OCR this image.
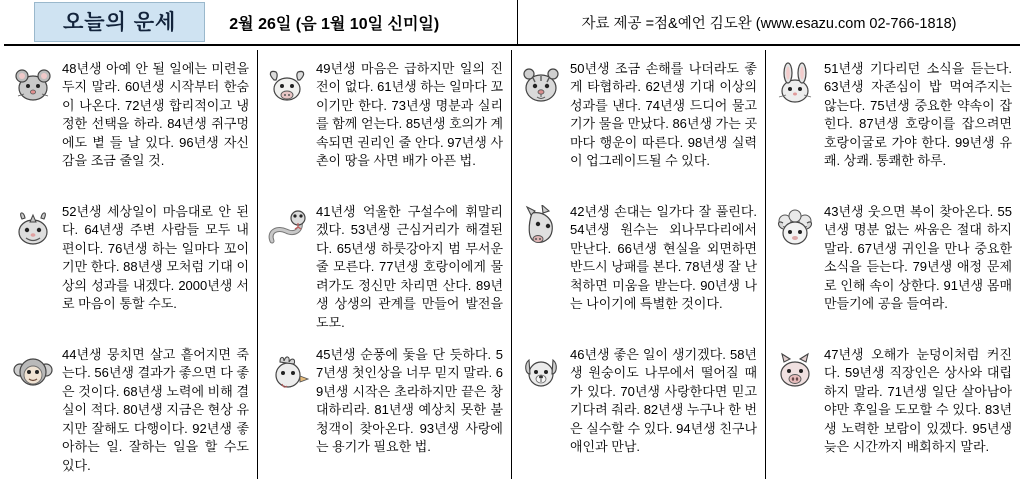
오늘의 운세	2월 26일 (음 1월 10일 신미일)	자료 제공 =점&예언 김도완 (www.esazu.com 02-766-1818)
48년생 아예 안 될 일에는 미련을 두지 말라. 60년생 시작부터 한숨이 나온다. 72년생 합리적이고 냉정한 선택을 하라. 84년생 쥐구멍에도 볕 들 날 있다. 96년생 자신감을 조금 줄일 것.
49년생 마음은 급하지만 일의 진전이 없다. 61년생 하는 일마다 꼬이기만 한다. 73년생 명분과 실리를 함께 얻는다. 85년생 호의가 계속되면 권리인 줄 안다. 97년생 사촌이 땅을 사면 배가 아픈 법.
50년생 조금 손해를 나더라도 좋게 타협하라. 62년생 기대 이상의 성과를 낸다. 74년생 드디어 물고기가 물을 만났다. 86년생 가는 곳마다 행운이 따른다. 98년생 실력이 업그레이드될 수 있다.
51년생 기다리던 소식을 듣는다. 63년생 자존심이 밥 먹여주지는 않는다. 75년생 중요한 약속이 잡힌다. 87년생 호랑이를 잡으려면 호랑이굴로 가야 한다. 99년생 유쾌. 상쾌. 통쾌한 하루.
52년생 세상일이 마음대로 안 된다. 64년생 주변 사람들 모두 내 편이다. 76년생 하는 일마다 꼬이기만 한다. 88년생 모처럼 기대 이상의 성과를 내겠다. 2000년생 서로 마음이 통할 수도.
41년생 억울한 구설수에 휘말리겠다. 53년생 근심거리가 해결된다. 65년생 하룻강아지 범 무서운 줄 모른다. 77년생 호랑이에게 물려가도 정신만 차리면 산다. 89년생 상생의 관계를 만들어 발전을 도모.
42년생 손대는 일가다 잘 풀린다. 54년생 원수는 외나무다리에서 만난다. 66년생 현실을 외면하면 반드시 낭패를 본다. 78년생 잘 난 척하면 미움을 받는다. 90년생 나는 나이기에 특별한 것이다.
43년생 웃으면 복이 찾아온다. 55년생 명분 없는 싸움은 절대 하지 말라. 67년생 귀인을 만나 중요한 소식을 듣는다. 79년생 애정 문제로 인해 속이 상한다. 91년생 몸매 만들기에 공을 들여라.
44년생 뭉치면 살고 흩어지면 죽는다. 56년생 결과가 좋으면 다 좋은 것이다. 68년생 노력에 비해 결실이 적다. 80년생 지금은 현상 유지만 잘해도 다행이다. 92년생 좋아하는 일. 잘하는 일을 할 수도 있다.
45년생 순풍에 돛을 단 듯하다. 57년생 첫인상을 너무 믿지 말라. 69년생 시작은 초라하지만 끝은 창대하리라. 81년생 예상치 못한 불청객이 찾아온다. 93년생 사랑에는 용기가 필요한 법.
46년생 좋은 일이 생기겠다. 58년생 원숭이도 나무에서 떨어질 때가 있다. 70년생 사랑한다면 믿고 기다려 줘라. 82년생 누구나 한 번은 실수할 수 있다. 94년생 친구나 애인과 만남.
47년생 오해가 눈덩이처럼 커진다. 59년생 직장인은 상사와 대립하지 말라. 71년생 일단 살아남아야만 후일을 도모할 수 있다. 83년생 노력한 보람이 있겠다. 95년생 늦은 시간까지 배회하지 말라.
